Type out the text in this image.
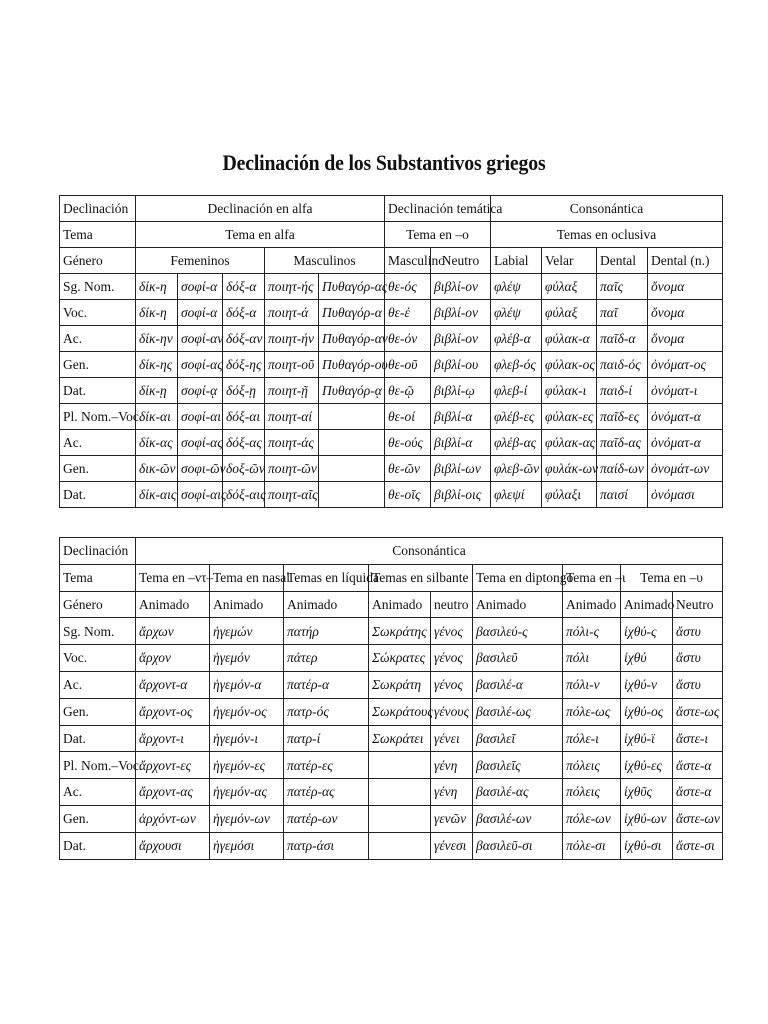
Declinación de los Substantivos griegos
Declinación	Declinación en alfa					Declinación temática		Consonántica			
Tema	Tema en alfa					Tema en –ο		Temas en oclusiva			
Género	Femeninos			Masculinos		Masculino	Neutro	Labial	Velar	Dental	Dental (n.)
Sg. Nom.	δίκ-η	σοφί-α	δόξ-α	ποιητ-ής	Πυθαγόρ-ας	θε-ός	βιβλί-ον	φλέψ	φύλαξ	παῖς	ὄνομα
Voc.	δίκ-η	σοφί-α	δόξ-α	ποιητ-ά	Πυθαγόρ-α	θε-έ	βιβλί-ον	φλέψ	φύλαξ	παῖ	ὄνομα
Ac.	δίκ-ην	σοφί-αν	δόξ-αν	ποιητ-ήν	Πυθαγόρ-αν	θε-όν	βιβλί-ον	φλέβ-α	φύλακ-α	παῖδ-α	ὄνομα
Gen.	δίκ-ης	σοφί-ας	δόξ-ης	ποιητ-οῦ	Πυθαγόρ-ου	θε-οῦ	βιβλί-ου	φλεβ-ός	φύλακ-ος	παιδ-ός	ὀνόματ-ος
Dat.	δίκ-ῃ	σοφί-ᾳ	δόξ-ῃ	ποιητ-ῇ	Πυθαγόρ-ᾳ	θε-ῷ	βιβλί-ῳ	φλεβ-ί	φύλακ-ι	παιδ-ί	ὀνόματ-ι
Pl. Nom.–Voc.	δίκ-αι	σοφί-αι	δόξ-αι	ποιητ-αί		θε-οί	βιβλί-α	φλέβ-ες	φύλακ-ες	παῖδ-ες	ὀνόματ-α
Ac.	δίκ-ας	σοφί-ας	δόξ-ας	ποιητ-άς		θε-ούς	βιβλί-α	φλέβ-ας	φύλακ-ας	παῖδ-ας	ὀνόματ-α
Gen.	δικ-ῶν	σοφι-ῶν	δοξ-ῶν	ποιητ-ῶν		θε-ῶν	βιβλί-ων	φλεβ-ῶν	φυλάκ-ων	παίδ-ων	ὀνομάτ-ων
Dat.	δίκ-αις	σοφί-αις	δόξ-αις	ποιητ-αῖς		θε-οῖς	βιβλί-οις	φλεψί	φύλαξι	παισί	ὀνόμασι
Declinación	Consonántica								
Tema	Tema en –ντ–	Tema en nasal	Temas en líquida	Temas en silbante		Tema en diptongo	Tema en –ι	Tema en –υ	
Género	Animado	Animado	Animado	Animado	neutro	Animado	Animado	Animado	Neutro
Sg. Nom.	ἄρχων	ἡγεμών	πατήρ	Σωκράτης	γένος	βασιλεύ-ς	πόλι-ς	ἰχθύ-ς	ἄστυ
Voc.	ἄρχον	ἡγεμόν	πάτερ	Σώκρατες	γένος	βασιλεῦ	πόλι	ἰχθύ	ἄστυ
Ac.	ἄρχοντ-α	ἡγεμόν-α	πατέρ-α	Σωκράτη	γένος	βασιλέ-α	πόλι-ν	ἰχθύ-ν	ἄστυ
Gen.	ἄρχοντ-ος	ἡγεμόν-ος	πατρ-ός	Σωκράτους	γένους	βασιλέ-ως	πόλε-ως	ἰχθύ-ος	ἄστε-ως
Dat.	ἄρχοντ-ι	ἡγεμόν-ι	πατρ-ί	Σωκράτει	γένει	βασιλεῖ	πόλε-ι	ἰχθύ-ϊ	ἄστε-ι
Pl. Nom.–Voc.	ἄρχοντ-ες	ἡγεμόν-ες	πατέρ-ες		γένη	βασιλεῖς	πόλεις	ἰχθύ-ες	ἄστε-α
Ac.	ἄρχοντ-ας	ἡγεμόν-ας	πατέρ-ας		γένη	βασιλέ-ας	πόλεις	ἰχθῦς	ἄστε-α
Gen.	ἀρχόντ-ων	ἡγεμόν-ων	πατέρ-ων		γενῶν	βασιλέ-ων	πόλε-ων	ἰχθύ-ων	ἄστε-ων
Dat.	ἄρχουσι	ἡγεμόσι	πατρ-άσι		γένεσι	βασιλεῦ-σι	πόλε-σι	ἰχθύ-σι	ἄστε-σι
